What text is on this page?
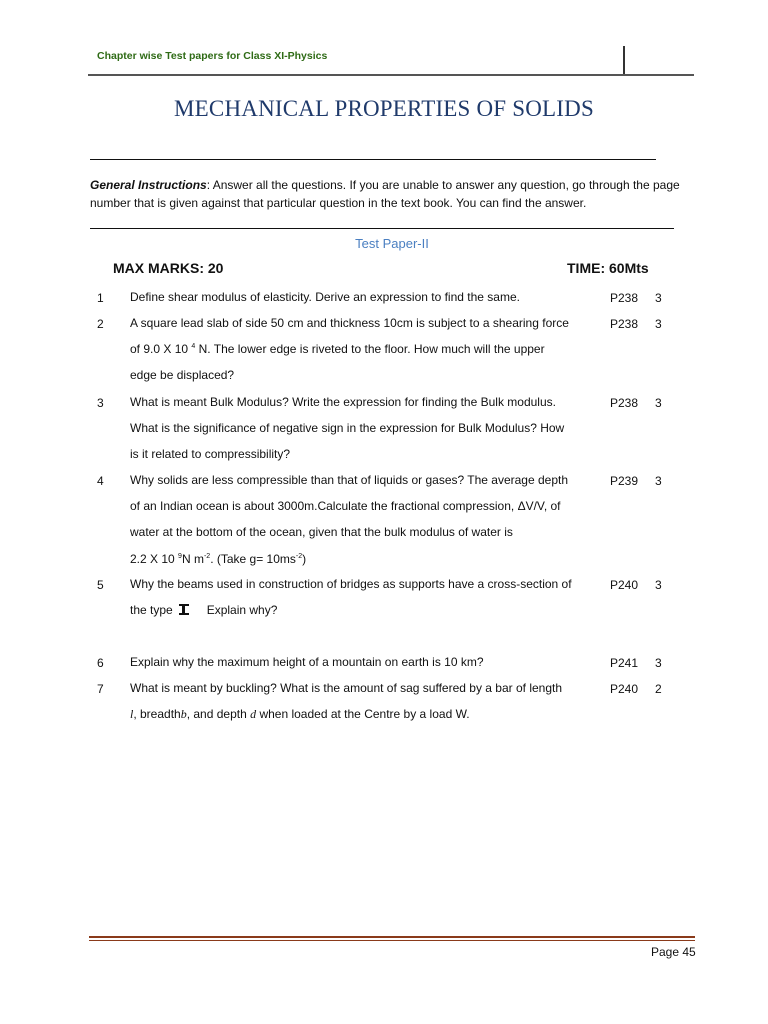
Chapter wise Test papers for Class XI-Physics
MECHANICAL PROPERTIES OF SOLIDS
General Instructions: Answer all the questions. If you are unable to answer any question, go through the page number that is given against that particular question in the text book. You can find the answer.
Test Paper-II
MAX MARKS: 20	TIME: 60Mts
1 Define shear modulus of elasticity. Derive an expression to find the same.	P238 3
2 A square lead slab of side 50 cm and thickness 10cm is subject to a shearing force
of 9.0 X 10 $^4$ N. The lower edge is riveted to the floor. How much will the upper
edge be displaced?
P238 3
3 What is meant Bulk Modulus? Write the expression for finding the Bulk modulus.
What is the significance of negative sign in the expression for Bulk Modulus? How
is it related to compressibility?
P238 3
4 Why solids are less compressible than that of liquids or gases? The average depth
of an Indian ocean is about 3000m.Calculate the fractional compression, ΔV/V, of
water at the bottom of the ocean, given that the bulk modulus of water is
2.2 X 10 $^9$N $m^{-2}$. (Take $g= 10ms^{-2}$)
P239 3
5 Why the beams used in construction of bridges as supports have a cross-section of
the type	Explain why?
P240 3
6 Explain why the maximum height of a mountain on earth is 10 km?	P241 3
7 What is meant by buckling? What is the amount of sag suffered by a bar of length
l, breadthb, and depth d when loaded at the Centre by a load W.
P240 2
Page 45
